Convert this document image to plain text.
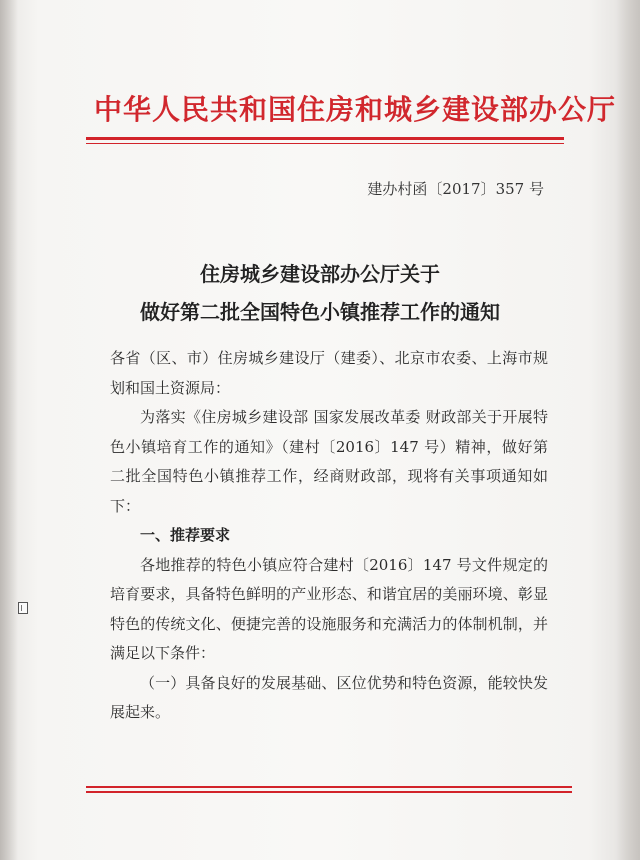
中华人民共和国住房和城乡建设部办公厅
建办村函〔2017〕357 号
住房城乡建设部办公厅关于
做好第二批全国特色小镇推荐工作的通知

各省（区、市）住房城乡建设厅（建委）、北京市农委、上海市规划和国土资源局：

为落实《住房城乡建设部 国家发展改革委 财政部关于开展特色小镇培育工作的通知》（建村〔2016〕147 号）精神，做好第二批全国特色小镇推荐工作，经商财政部，现将有关事项通知如下：

一、推荐要求

各地推荐的特色小镇应符合建村〔2016〕147 号文件规定的培育要求，具备特色鲜明的产业形态、和谐宜居的美丽环境、彰显特色的传统文化、便捷完善的设施服务和充满活力的体制机制，并满足以下条件：

（一）具备良好的发展基础、区位优势和特色资源，能较快发展起来。
